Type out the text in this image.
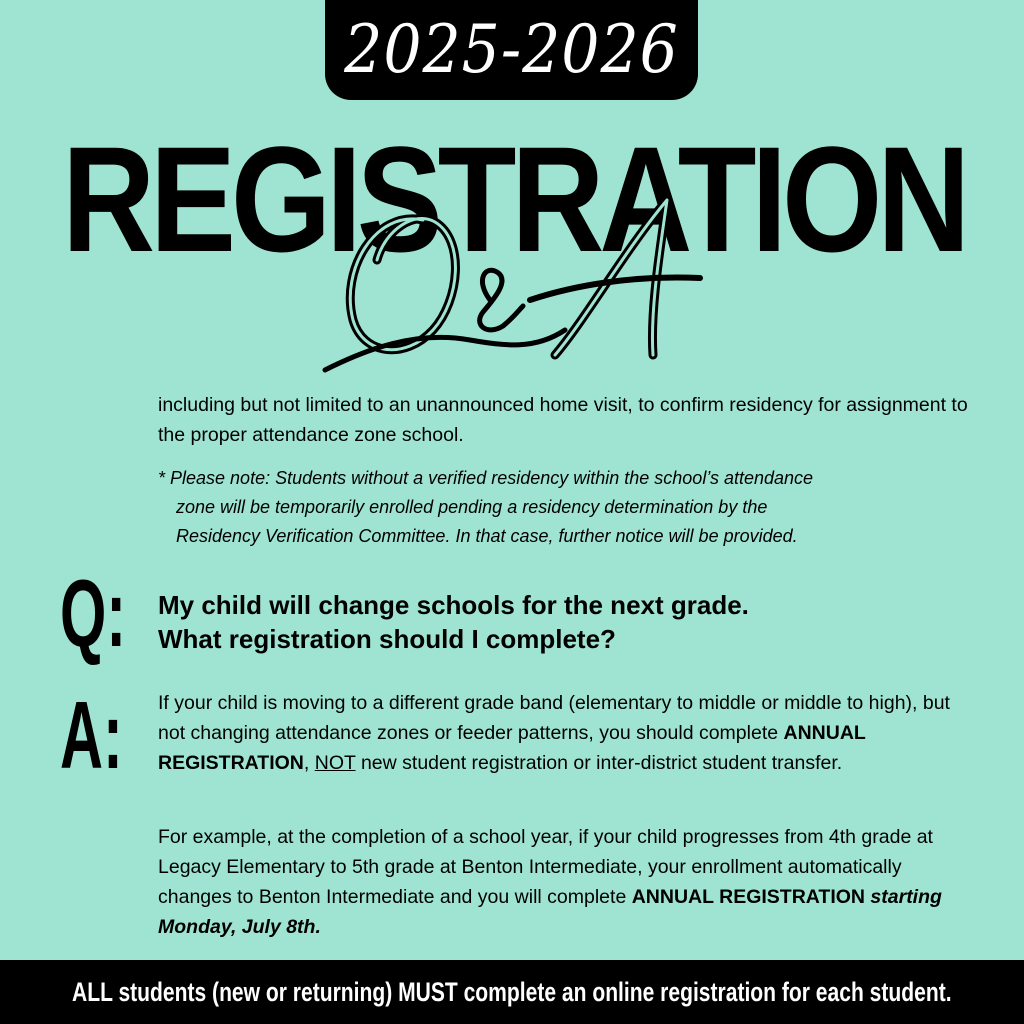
2025-2026
REGISTRATION
including but not limited to an unannounced home visit, to confirm residency for assignment to the proper attendance zone school.
* Please note: Students without a verified residency within the school’s attendance
zone will be temporarily enrolled pending a residency determination by the
Residency Verification Committee. In that case, further notice will be provided.
Q: My child will change schools for the next grade.
What registration should I complete?
A: If your child is moving to a different grade band (elementary to middle or middle to high), but not changing attendance zones or feeder patterns, you should complete ANNUAL REGISTRATION, NOT new student registration or inter-district student transfer.
For example, at the completion of a school year, if your child progresses from 4th grade at Legacy Elementary to 5th grade at Benton Intermediate, your enrollment automatically changes to Benton Intermediate and you will complete ANNUAL REGISTRATION starting Monday, July 8th.
ALL students (new or returning) MUST complete an online registration for each student.
